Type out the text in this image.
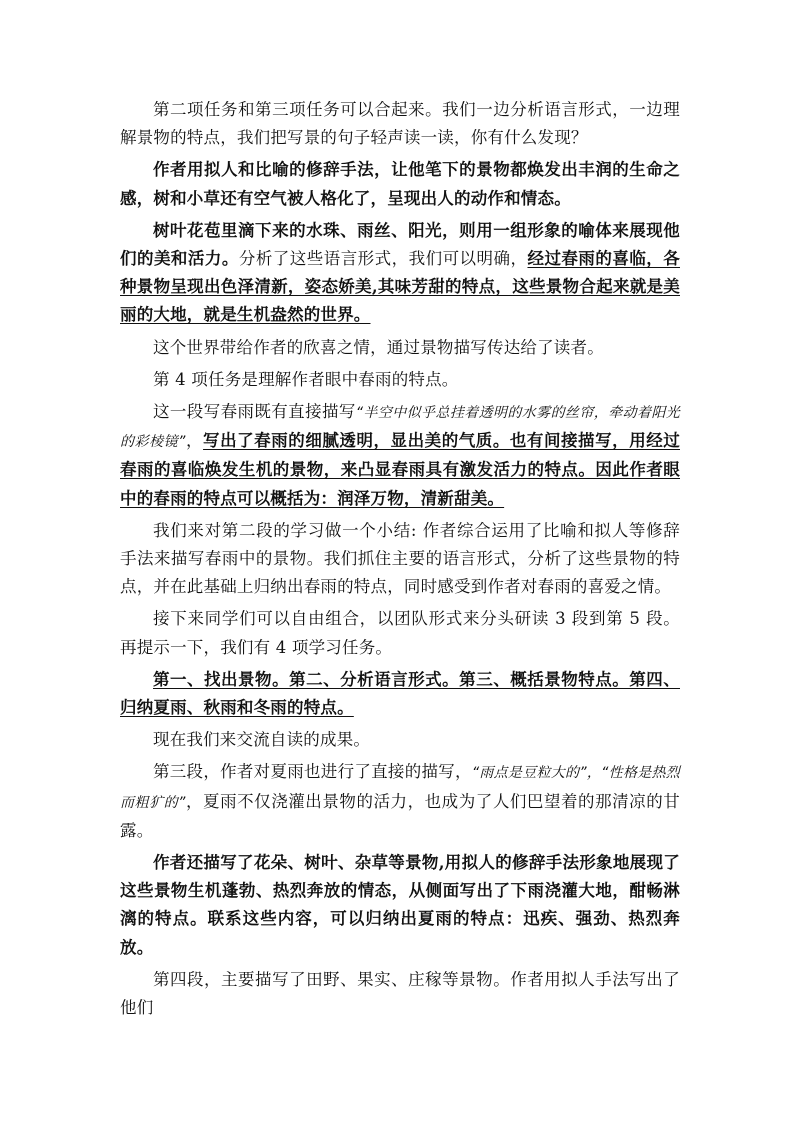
第二项任务和第三项任务可以合起来。我们一边分析语言形式，一边理解景物的特点，我们把写景的句子轻声读一读，你有什么发现？

作者用拟人和比喻的修辞手法，让他笔下的景物都焕发出丰润的生命之感，树和小草还有空气被人格化了，呈现出人的动作和情态。

树叶花苞里滴下来的水珠、雨丝、阳光，则用一组形象的喻体来展现他们的美和活力。分析了这些语言形式，我们可以明确，经过春雨的喜临，各种景物呈现出色泽清新，姿态娇美,其味芳甜的特点，这些景物合起来就是美丽的大地，就是生机盎然的世界。

这个世界带给作者的欣喜之情，通过景物描写传达给了读者。

第 4 项任务是理解作者眼中春雨的特点。

这一段写春雨既有直接描写“半空中似乎总挂着透明的水雾的丝帘，牵动着阳光的彩棱镜”，写出了春雨的细腻透明，显出美的气质。也有间接描写，用经过春雨的喜临焕发生机的景物，来凸显春雨具有激发活力的特点。因此作者眼中的春雨的特点可以概括为：润泽万物，清新甜美。

我们来对第二段的学习做一个小结: 作者综合运用了比喻和拟人等修辞手法来描写春雨中的景物。我们抓住主要的语言形式，分析了这些景物的特点，并在此基础上归纳出春雨的特点，同时感受到作者对春雨的喜爱之情。

接下来同学们可以自由组合，以团队形式来分头研读 3 段到第 5 段。再提示一下，我们有 4 项学习任务。

第一、找出景物。第二、分析语言形式。第三、概括景物特点。第四、归纳夏雨、秋雨和冬雨的特点。

现在我们来交流自读的成果。

第三段，作者对夏雨也进行了直接的描写，“雨点是豆粒大的”，“性格是热烈而粗犷的”，夏雨不仅浇灌出景物的活力，也成为了人们巴望着的那清凉的甘露。

作者还描写了花朵、树叶、杂草等景物,用拟人的修辞手法形象地展现了这些景物生机蓬勃、热烈奔放的情态，从侧面写出了下雨浇灌大地，酣畅淋漓的特点。联系这些内容，可以归纳出夏雨的特点：迅疾、强劲、热烈奔放。

第四段，主要描写了田野、果实、庄稼等景物。作者用拟人手法写出了他们
